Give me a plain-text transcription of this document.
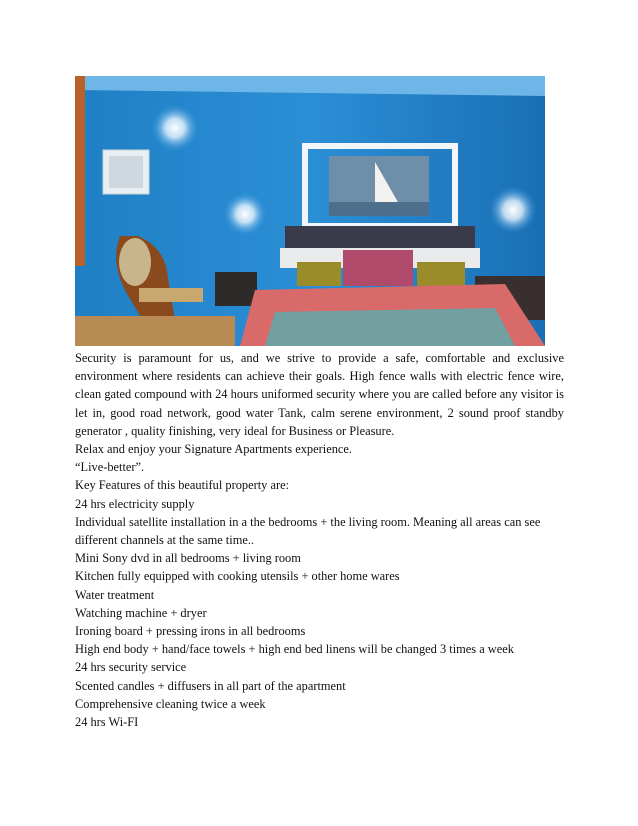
Security is paramount for us, and we strive to provide a safe, comfortable and exclusive environment where residents can achieve their goals. High fence walls with electric fence wire, clean gated compound with 24 hours uniformed security where you are called before any visitor is let in, good road network, good water Tank, calm serene environment, 2 sound proof standby generator , quality finishing, very ideal for Business or Pleasure.

Relax and enjoy your Signature Apartments experience.

“Live-better”.

Key Features of this beautiful property are:

24 hrs electricity supply

Individual satellite installation in a the bedrooms + the living room. Meaning all areas can see different channels at the same time..

Mini Sony dvd in all bedrooms + living room

Kitchen fully equipped with cooking utensils + other home wares

Water treatment

Watching machine + dryer

Ironing board + pressing irons in all bedrooms

High end body + hand/face towels + high end bed linens will be changed 3 times a week

24 hrs security service

Scented candles + diffusers in all part of the apartment

Comprehensive cleaning twice a week

24 hrs Wi-FI
